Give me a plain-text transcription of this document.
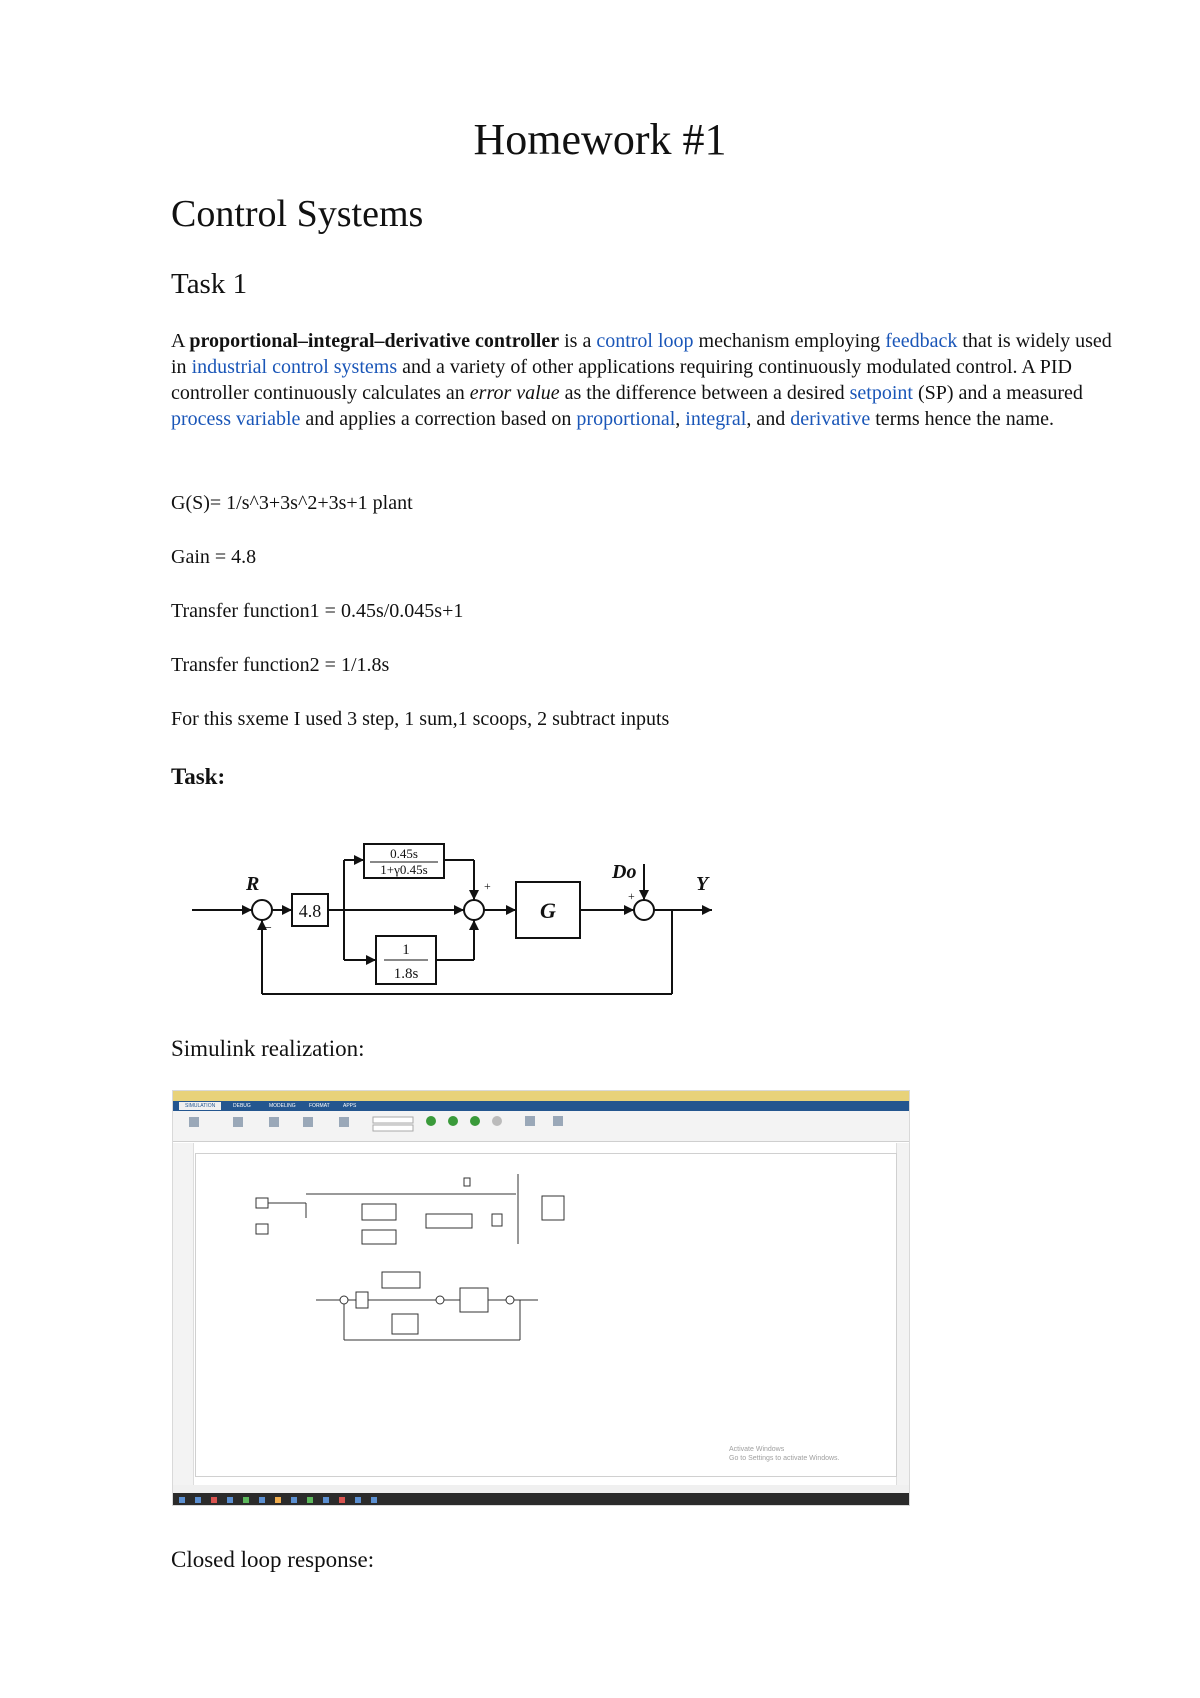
Homework #1
Control Systems
Task 1
A proportional–integral–derivative controller is a control loop mechanism employing feedback that is widely used in industrial control systems and a variety of other applications requiring continuously modulated control. A PID controller continuously calculates an error value as the difference between a desired setpoint (SP) and a measured process variable and applies a correction based on proportional, integral, and derivative terms hence the name.
G(S)= 1/s^3+3s^2+3s+1 plant
Gain = 4.8
Transfer function1 = 0.45s/0.045s+1
Transfer function2 = 1/1.8s
For this sxeme I used 3 step, 1 sum,1 scoops, 2 subtract inputs
Task:
R
4.8
0.45s
1+γ0.45s
1
1.8s
G
Do
Y
+
+
−
Simulink realization:
SIMULATION	DEBUG	MODELING	FORMAT	APPS
Activate Windows
Go to Settings to activate Windows.
Closed loop response:
